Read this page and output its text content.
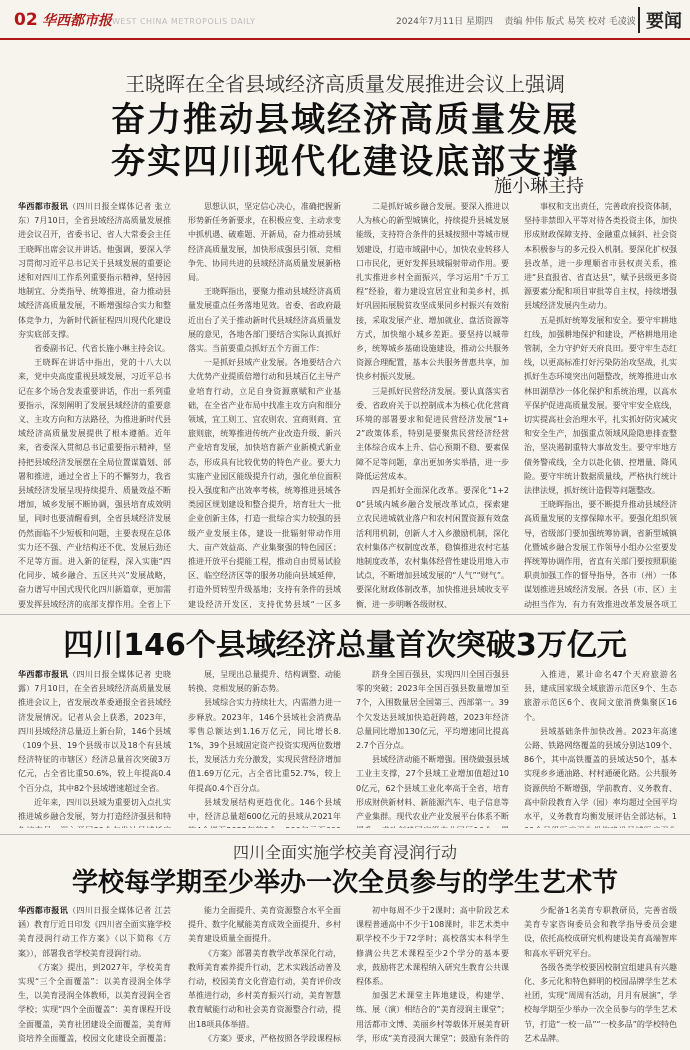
02 华西都市报 WEST CHINA METROPOLIS DAILY	2024年7月11日 星期四 责编 仲伟 版式 易笑 校对 毛凌波 要闻
王晓晖在全省县域经济高质量发展推进会议上强调
奋力推动县域经济高质量发展
夯实四川现代化建设底部支撑
施小琳主持

华西都市报讯（四川日报全媒体记者 张立东）7月10日，全省县域经济高质量发展推进会议召开，省委书记、省人大常委会主任王晓晖出席会议并讲话。他强调，要深入学习贯彻习近平总书记关于县域发展的重要论述和对四川工作系列重要指示精神，坚持因地制宜、分类指导、统筹推进，奋力推动县域经济高质量发展，不断增强综合实力和整体竞争力，为新时代新征程四川现代化建设夯实底部支撑。

省委副书记、代省长施小琳主持会议。

王晓晖在讲话中指出，党的十八大以来，党中央高度重视县域发展，习近平总书记在多个场合发表重要讲话，作出一系列重要指示，深刻阐明了发展县域经济的重要意义、主攻方向和方法路径，为推进新时代县域经济高质量发展提供了根本遵循。近年来，省委深入贯彻总书记重要指示精神，坚持把县域经济发展摆在全局位置谋篇划、部署和推进，通过全省上下的不懈努力，我省县域经济发展呈现持续提升、质量效益不断增加，城乡发展不断协调，强县培育成效明显，同时也要清醒看到，全省县域经济发展仍然面临不少短板和问题，主要表现在总体实力还不强、产业结构还不优、发展后劲还不足等方面。进入新的征程，深入实施“四化同步、城乡融合、五区共兴”发展战略，奋力谱写中国式现代化四川新篇章，更加需要发挥县域经济的底部支撑作用。全省上下

思想认识，坚定信心决心，准确把握新形势新任务新要求，在积极应变、主动求变中抓机遇、破难题、开新局，奋力推动县域经济高质量发展，加快形成强县引领、竞相争先、协同共进的县域经济高质量发展新格局。

王晓晖指出，要聚力推动县域经济高质量发展重点任务落地见效。省委、省政府最近出台了关于推动新时代县域经济高质量发展的意见，各地各部门要结合实际认真抓好落实。当前要重点抓好五个方面工作：

一是抓好县域产业发展。各地要结合六大优势产业提质倍增行动和县域百亿主导产业培育行动，立足自身资源禀赋和产业基础，在全省产业布局中找准主攻方向和细分领域，宜工则工、宜农则农、宜商则商、宜旅则旅，统筹推进传统产业改造升级、新兴产业培育发展，加快培育新产业新模式新业态，形成具有比较优势的特色产业。要大力实施产业园区能级提升行动，强化单位面积投入强度和产出效率考核，统筹推进县域各类园区规划建设和整合提升，培育壮大一批企业创新主体，打造一批综合实力较强的县级产业发展主体，建设一批辐射带动作用大、亩产效益高、产业集聚强的特色园区；推进开放平台提能工程，推动自由贸易试验区、临空经济区等的服务功能向县域延伸，打造外贸转型升级基地；支持有条件的县域建设经济开发区，支持优势县域“一区多

二是抓好城乡融合发展。要深入推进以人为核心的新型城镇化，持续提升县城发展能级，支持符合条件的县城按照中等城市规划建设，打造市域副中心，加快农业转移人口市民化，更好发挥县域辐射带动作用。要扎实推进乡村全面振兴，学习运用“千万工程”经验，着力建设宜居宜业和美乡村，抓好巩固拓展脱贫攻坚成果同乡村振兴有效衔接，采取发展产业、增加就业、盘活资源等方式，加快缩小城乡差距。要坚持以城带乡，统筹城乡基础设施建设，推动公共服务资源合理配置，基本公共服务普惠共享，加快乡村振兴发展。

三是抓好民营经济发展。要认真落实省委、省政府关于以控制成本为核心优化营商环境的部署要求和促进民营经济发展“1+2”政策体系，特别是要聚焦民营经济经营主体综合成本上升、信心预期不稳、要素保障不足等问题，拿出更加务实举措，进一步降低运营成本。

四是抓好全面深化改革。要深化“1+20”县域内城乡融合发展改革试点，探索建立农民进城就业落户和农村闲置资源有效盘活利用机制，创新人才入乡激励机制，深化农村集体产权制度改革，稳慎推进农村宅基地制度改革，农村集体经营性建设用地入市试点，不断增加县域发展的“人气”“财气”。要深化财政体制改革，加快推进县域收支平衡，进一步明晰各级财权、

事权和支出责任，完善政府投资体制，坚持非禁即入平等对待各类投资主体，加快形成财政保障支持、金融重点倾斜、社会资本积极参与的多元投入机制。要深化扩权强县改革，进一步理顺省市县权责关系，推进“县直报省、省直达县”，赋予县级更多资源要素分配和项目审批等自主权，持续增强县域经济发展内生动力。

五是抓好统筹发展和安全。要守牢耕地红线，加强耕地保护和建设，严格耕地用途管制，全力守护好天府良田。要守牢生态红线，以更高标准打好污染防治攻坚战，扎实抓好生态环境突出问题整改，统筹推进山水林田湖草沙一体化保护和系统治理，以高水平保护促进高质量发展。要守牢安全底线，切实提高社会治理水平，扎实抓好防灾减灾和安全生产，加强重点领域风险隐患排查整治，坚决遏制重特大事故发生。要守牢地方债务警戒线，全力以赴化债、控增量、降风险。要守牢统计数据质量线，严格执行统计法律法规，抓好统计造假等问题整改。

王晓晖指出，要不断提升推动县域经济高质量发展的支撑保障水平。要强化组织领导，省级部门要加强统筹协调，省新型城镇化暨城乡融合发展工作领导小组办公室要发挥统筹协调作用，省直有关部门要按照职能职责加强工作的督导指导，各市（州）一体谋划推进县域经济发展。各县（市、区）主动担当作为，有力有效推进改革发展各项工

四川146个县域经济总量首次突破3万亿元

华西都市报讯（四川日报全媒体记者 史晓露）7月10日，在全省县域经济高质量发展推进会议上，省发展改革委通报全省县域经济发展情况。记者从会上获悉，2023年，四川县域经济总量迈上新台阶，146个县域（109个县、19个县级市以及18个有县域经济特征的市辖区）经济总量首次突破3万亿元，占全省比重50.6%，较上年提高0.4个百分点，其中82个县域增速超过全省。

近年来，四川以县域为重要切入点扎实推进城乡融合发展，努力打造经济强县和特

展，呈现出总量提升、结构调整、动能转换、竞相发展的新态势。

县域综合实力持续壮大，内需潜力进一步释放。2023年，146个县域社会消费品零售总额达到1.16万亿元，同比增长8.1%，39个县域固定资产投资实现两位数增长，发展活力充分激发，实现民营经济增加值1.69万亿元，占全省比重52.7%，较上年提高0.4个百分点。

县域发展结构更趋优化。146个县域中，经济总量超600亿元的县域从2021年

跻身全国百强县，实现四川全国百强县零的突破；2023年全国百强县数量增加至7个，入围数量居全国第三、西部第一。39个欠发达县域加快追赶跨越，2023年经济总量同比增加130亿元，平均增速同比提高2.7个百分点。

县域经济动能不断增强。围绕做强县域工业主支撑，27个县域工业增加值超过100亿元，62个县域工业化率高于全省，培育形成财供新材料、新能源汽车、电子信息等产业集群。现代农业产业发展平台体系不断

入推进，累计命名47个天府旅游名县，建成国家级全域旅游示范区9个、生态旅游示范区6个、夜间文旅消费集聚区16个。

县域基础条件加快改善。2023年高速公路、铁路网络覆盖的县域分别达109个、86个，其中高铁覆盖的县域达50个，基本实现乡乡通油路、村村通硬化路。公共服务资源供给不断增强，学前教育、义务教育、高中阶段教育入学（园）率均超过全国平均水平，义务教育均衡发展评估全部达标，1

四川全面实施学校美育浸润行动
学校每学期至少举办一次全员参与的学生艺术节

华西都市报讯（四川日报全媒体记者 江芸涵）教育厅近日印发《四川省全面实施学校美育浸润行动工作方案》（以下简称《方案》），部署我省学校美育浸润行动。

《方案》提出，到2027年，学校美育实现“三个全面覆盖”：以美育浸润全体学生，以美育浸润全体教师，以美育浸润全省学校；实现“四个全面覆盖”：美育课程开设全面覆盖，美育社团建设全面覆盖，美育师资培养全面覆盖，校园文化建设全面覆盖；

能力全面提升、美育资源整合水平全面提升、数字化赋能美育成效全面提升、乡村美育建设质量全面提升。

《方案》部署美育教学改革深化行动，教师美育素养提升行动，艺术实践活动普及行动，校园美育文化营造行动，美育评价改革推进行动，乡村美育振兴行动，美育智慧教育赋能行动和社会美育资源整合行动，提出18项具体举措。

《方案》要求，严格按照各学段课程标

初中每周不少于2课时；高中阶段艺术课程普通高中不少于108课时，非艺术类中职学校不少于72学时；高校落实本科学生修满公共艺术课程至少2个学分的基本要求，鼓励将艺术课程纳入研究生教育公共课程体系。

加强艺术课堂主阵地建设，构建学、练、展（演）相结合的“美育浸润主课堂”；用活都市文博、美丽乡村等载体开展美育研学，形成“美育浸润大课堂”；鼓励有条件的

少配备1名美育专职教研员，完善省级美育专家咨询委员会和教学指导委员会建设，依托高校成研究机构建设美育高端智库和高水平研究平台。

各级各类学校要因校制宜组建具有兴趣化、多元化和特色鲜明的校园品牌学生艺术社团，实现“周周有活动，月月有展演”，学校每学期至少举办一次全员参与的学生艺术节，打造“一校一品”“一校多品”的学校特色艺术品牌。
